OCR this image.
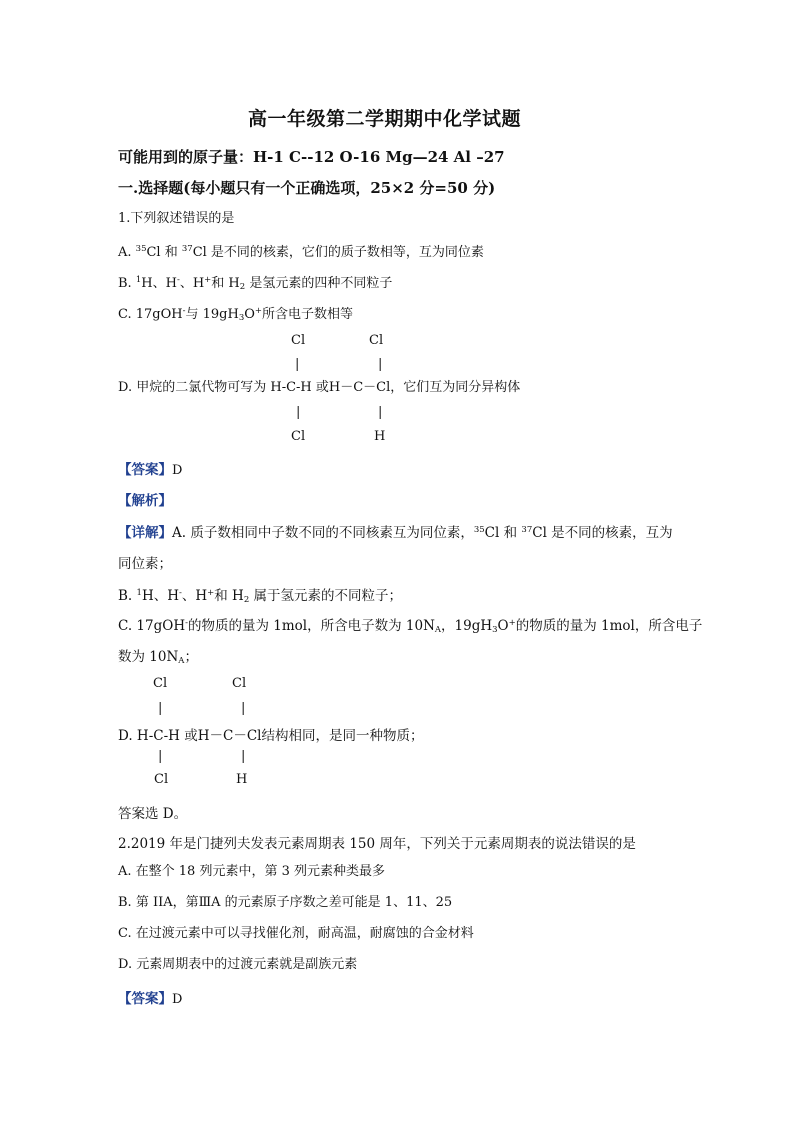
高一年级第二学期期中化学试题
可能用到的原子量：H-1 C--12 O-16 Mg—24 Al –27
一.选择题(每小题只有一个正确选项，25×2 分=50 分)
1.下列叙述错误的是
A. $^{35}$Cl 和 $^{37}$Cl 是不同的核素，它们的质子数相等，互为同位素
B. $^1$H、H-、H+和 $H_2$ 是氢元素的四种不同粒子
C. 17gOH-与 $19gH_3O^+$所含电子数相等
Cl	Cl
|	|
D. 甲烷的二氯代物可写为 H-C-H 或H－C－Cl，它们互为同分异构体
|	|
Cl	H
【答案】D
【解析】
【详解】A. 质子数相同中子数不同的不同核素互为同位素，$^{35}$Cl 和 $^{37}$Cl 是不同的核素，互为
同位素；
B. $^1$H、H-、H+和 $H_2$ 属于氢元素的不同粒子；
C. 17gOH-的物质的量为 1mol，所含电子数为 $10N_A$，$19gH_3O^+$的物质的量为 1mol，所含电子
数为 $10N_A$；
Cl	Cl
|	|
D. H-C-H 或H－C－Cl结构相同，是同一种物质；
|	|
Cl	H
答案选 D。
2.2019 年是门捷列夫发表元素周期表 150 周年，下列关于元素周期表的说法错误的是
A. 在整个 18 列元素中，第 3 列元素种类最多
B. 第 IIA，第ⅢA 的元素原子序数之差可能是 1、11、25
C. 在过渡元素中可以寻找催化剂，耐高温，耐腐蚀的合金材料
D. 元素周期表中的过渡元素就是副族元素
【答案】D
